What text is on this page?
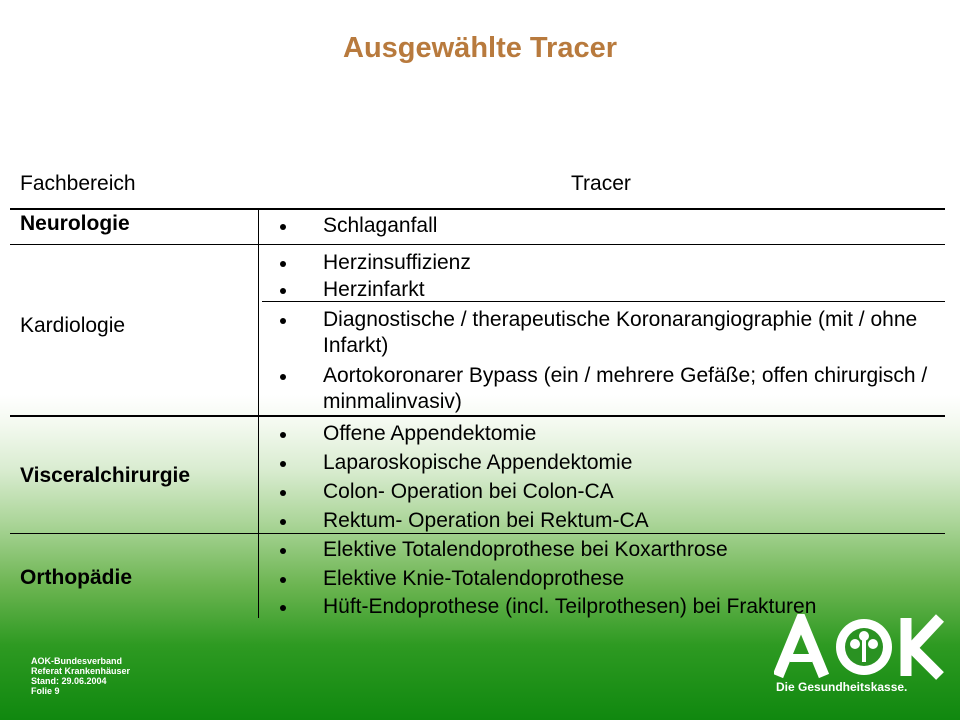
Ausgewählte Tracer
Fachbereich	Tracer
Neurologie
Kardiologie
Visceralchirurgie
Orthopädie
Schlaganfall
Herzinsuffizienz
Herzinfarkt
Diagnostische / therapeutische Koronarangiographie (mit / ohne Infarkt)
Aortokoronarer Bypass (ein / mehrere Gefäße; offen chirurgisch / minmalinvasiv)
Offene Appendektomie
Laparoskopische Appendektomie
Colon- Operation bei Colon-CA
Rektum- Operation bei Rektum-CA
Elektive Totalendoprothese bei Koxarthrose
Elektive Knie-Totalendoprothese
Hüft-Endoprothese (incl. Teilprothesen) bei Frakturen
AOK-Bundesverband
Referat Krankenhäuser
Stand: 29.06.2004
Folie 9	Die Gesundheitskasse.
